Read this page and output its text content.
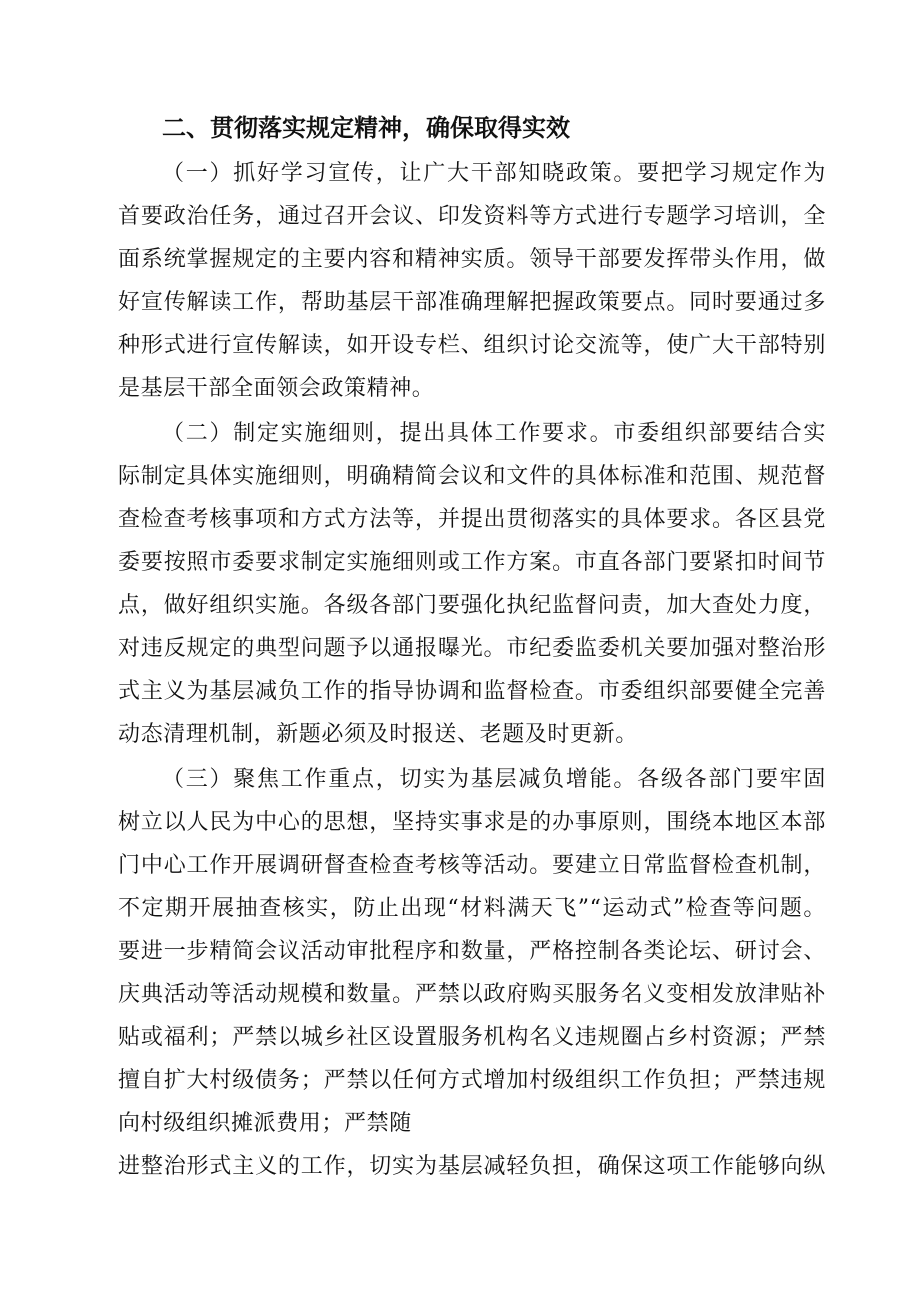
二、贯彻落实规定精神，确保取得实效
（一）抓好学习宣传，让广大干部知晓政策。要把学习规定作为
首要政治任务，通过召开会议、印发资料等方式进行专题学习培训，全
面系统掌握规定的主要内容和精神实质。领导干部要发挥带头作用，做
好宣传解读工作，帮助基层干部准确理解把握政策要点。同时要通过多
种形式进行宣传解读，如开设专栏、组织讨论交流等，使广大干部特别
是基层干部全面领会政策精神。
（二）制定实施细则，提出具体工作要求。市委组织部要结合实
际制定具体实施细则，明确精简会议和文件的具体标准和范围、规范督
查检查考核事项和方式方法等，并提出贯彻落实的具体要求。各区县党
委要按照市委要求制定实施细则或工作方案。市直各部门要紧扣时间节
点，做好组织实施。各级各部门要强化执纪监督问责，加大查处力度，
对违反规定的典型问题予以通报曝光。市纪委监委机关要加强对整治形
式主义为基层减负工作的指导协调和监督检查。市委组织部要健全完善
动态清理机制，新题必须及时报送、老题及时更新。
（三）聚焦工作重点，切实为基层减负增能。各级各部门要牢固
树立以人民为中心的思想，坚持实事求是的办事原则，围绕本地区本部
门中心工作开展调研督查检查考核等活动。要建立日常监督检查机制，
不定期开展抽查核实，防止出现“材料满天飞”“运动式”检查等问题。
要进一步精简会议活动审批程序和数量，严格控制各类论坛、研讨会、
庆典活动等活动规模和数量。严禁以政府购买服务名义变相发放津贴补
贴或福利；严禁以城乡社区设置服务机构名义违规圈占乡村资源；严禁
擅自扩大村级债务；严禁以任何方式增加村级组织工作负担；严禁违规
向村级组织摊派费用；严禁随
进整治形式主义的工作，切实为基层减轻负担，确保这项工作能够向纵
